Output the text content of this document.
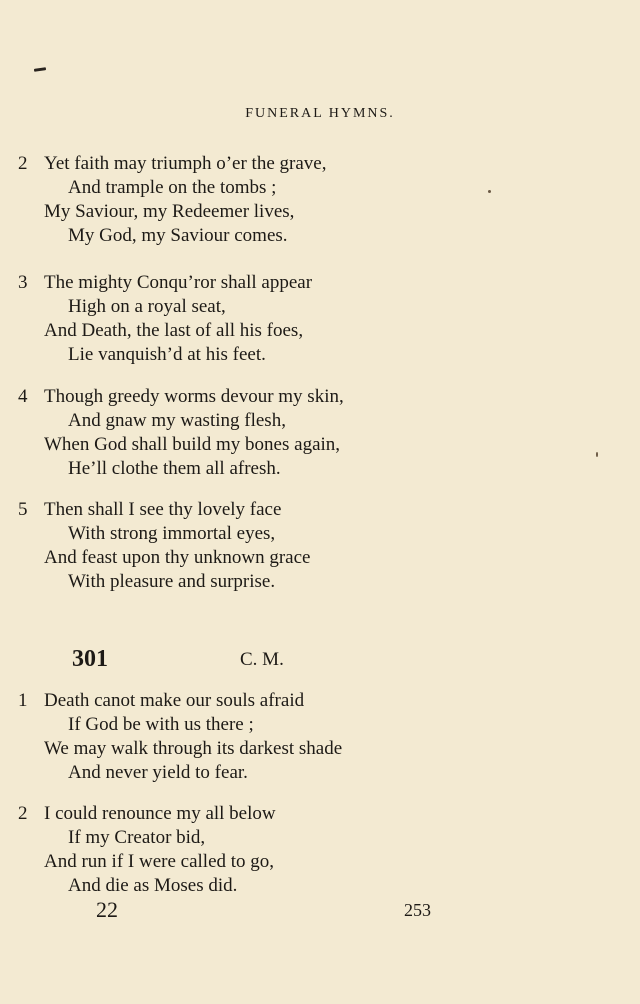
FUNERAL HYMNS.
2 Yet faith may triumph o’er the grave,
And trample on the tombs ;
My Saviour, my Redeemer lives,
My God, my Saviour comes.
3 The mighty Conqu’ror shall appear
High on a royal seat,
And Death, the last of all his foes,
Lie vanquish’d at his feet.
4 Though greedy worms devour my skin,
And gnaw my wasting flesh,
When God shall build my bones again,
He’ll clothe them all afresh.
5 Then shall I see thy lovely face
With strong immortal eyes,
And feast upon thy unknown grace
With pleasure and surprise.
301	C. M.
1 Death canot make our souls afraid
If God be with us there ;
We may walk through its darkest shade
And never yield to fear.
2 I could renounce my all below
If my Creator bid,
And run if I were called to go,
And die as Moses did.
22	253
